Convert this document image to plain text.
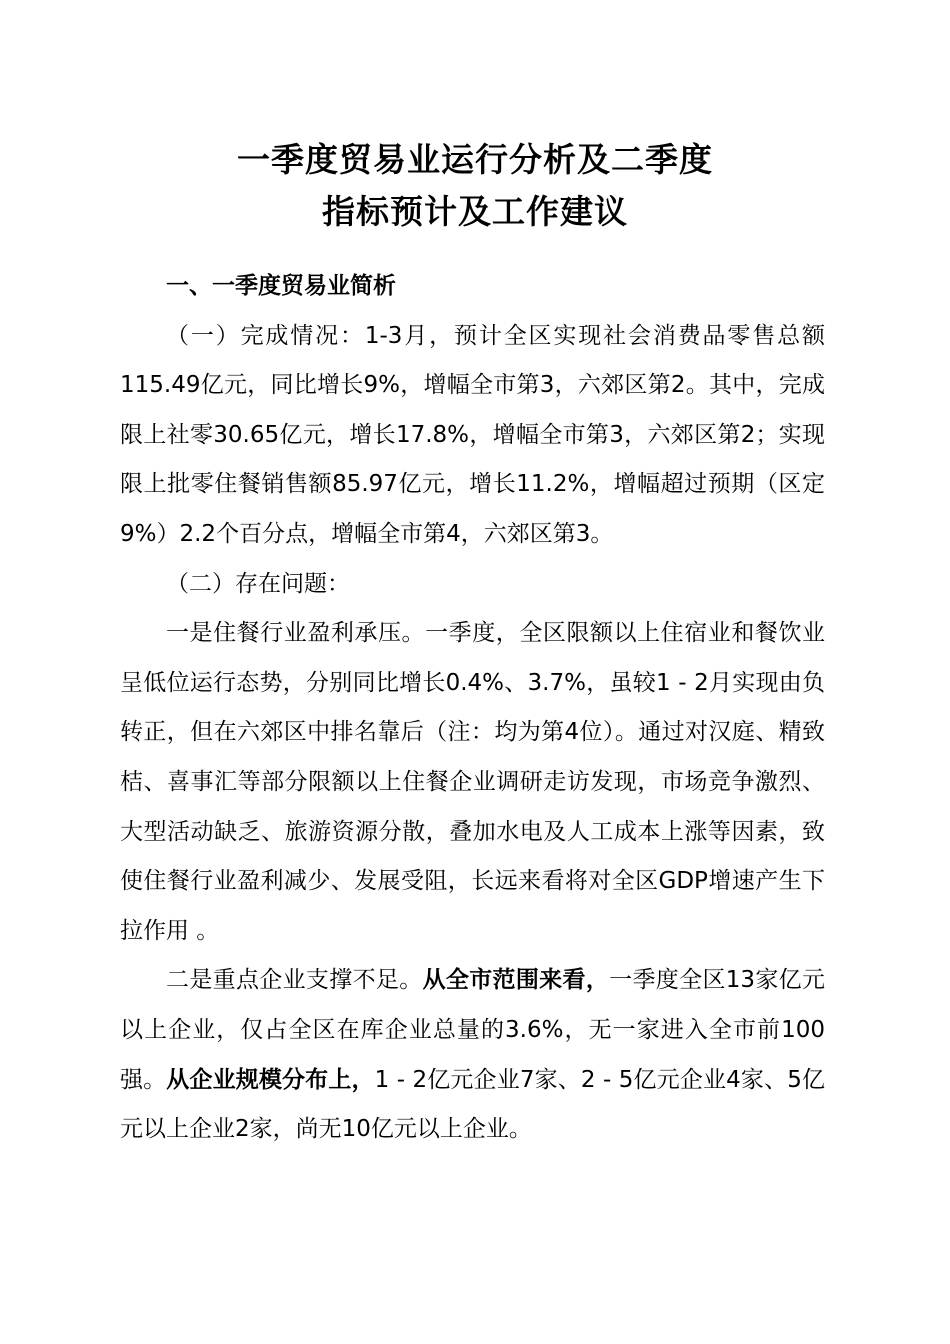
一季度贸易业运行分析及二季度
指标预计及工作建议

一、一季度贸易业简析

（一）完成情况：1-3月，预计全区实现社会消费品零售总额115.49亿元，同比增长9%，增幅全市第3，六郊区第2。其中，完成限上社零30.65亿元，增长17.8%，增幅全市第3，六郊区第2；实现限上批零住餐销售额85.97亿元，增长11.2%，增幅超过预期（区定9%）2.2个百分点，增幅全市第4，六郊区第3。

（二）存在问题：

一是住餐行业盈利承压。一季度，全区限额以上住宿业和餐饮业呈低位运行态势，分别同比增长0.4%、3.7%，虽较1 - 2月实现由负转正，但在六郊区中排名靠后（注：均为第4位）。通过对汉庭、精致桔、喜事汇等部分限额以上住餐企业调研走访发现，市场竞争激烈、大型活动缺乏、旅游资源分散，叠加水电及人工成本上涨等因素，致使住餐行业盈利减少、发展受阻，长远来看将对全区GDP增速产生下拉作用 。

二是重点企业支撑不足。从全市范围来看，一季度全区13家亿元以上企业，仅占全区在库企业总量的3.6%，无一家进入全市前100强。从企业规模分布上，1 - 2亿元企业7家、2 - 5亿元企业4家、5亿元以上企业2家，尚无10亿元以上企业。
